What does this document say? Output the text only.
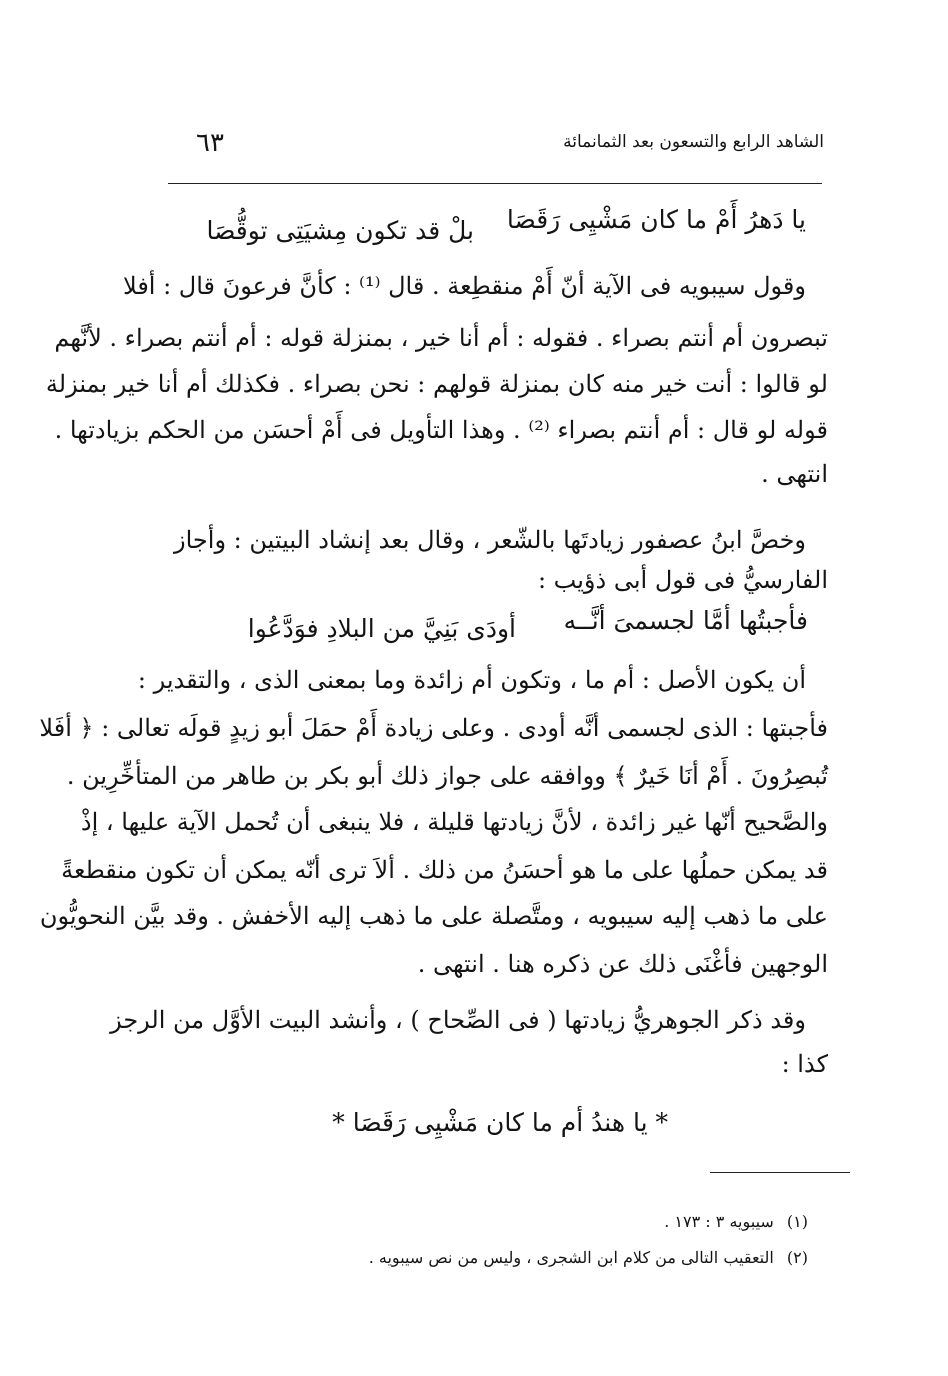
الشاهد الرابع والتسعون بعد الثمانمائة
٦٣
يا دَهرُ أَمْ ما كان مَشْيِى رَقَصَا
بلْ قد تكون مِشيَتِى توقُّصَا
وقول سيبويه فى الآية أنّ أَمْ منقطِعة . قال ⁽¹⁾ : كأنَّ فرعونَ قال : أفلا
تبصرون أم أنتم بصراء . فقوله : أم أنا خير ، بمنزلة قوله : أم أنتم بصراء . لأنَّهم
لو قالوا : أنت خير منه كان بمنزلة قولهم : نحن بصراء . فكذلك أم أنا خير بمنزلة
قوله لو قال : أم أنتم بصراء ⁽²⁾ . وهذا التأويل فى أَمْ أحسَن من الحكم بزيادتها .
انتهى .
وخصَّ ابنُ عصفور زيادتَها بالشّعر ، وقال بعد إنشاد البيتين : وأجاز
الفارسيُّ فى قول أبى ذؤيب :
فأجبتُها أمَّا لجسمىَ أنَّــه
أودَى بَنِيَّ من البلادِ فوَدَّعُوا
أن يكون الأصل : أم ما ، وتكون أم زائدة وما بمعنى الذى ، والتقدير :
فأجبتها : الذى لجسمى أنَّه أودى . وعلى زيادة أَمْ حمَلَ أبو زيدٍ قولَه تعالى : ﴿ أفَلا
تُبصِرُونَ . أَمْ أنَا خَيرٌ ﴾ ووافقه على جواز ذلك أبو بكر بن طاهر من المتأخِّرِين .
والصَّحيح أنّها غير زائدة ، لأنَّ زيادتها قليلة ، فلا ينبغى أن تُحمل الآية عليها ، إذْ
قد يمكن حملُها على ما هو أحسَنُ من ذلك . ألاَ ترى أنّه يمكن أن تكون منقطعةً
على ما ذهب إليه سيبويه ، ومتَّصلة على ما ذهب إليه الأخفش . وقد بيَّن النحويُّون
الوجهين فأغْنَى ذلك عن ذكره هنا . انتهى .
وقد ذكر الجوهريُّ زيادتها ( فى الصِّحاح ) ، وأنشد البيت الأوَّل من الرجز
كذا :
* يا هندُ أم ما كان مَشْيِى رَقَصَا *
(١) سيبويه ٣ : ١٧٣ .
(٢) التعقيب التالى من كلام ابن الشجرى ، وليس من نص سيبويه .
